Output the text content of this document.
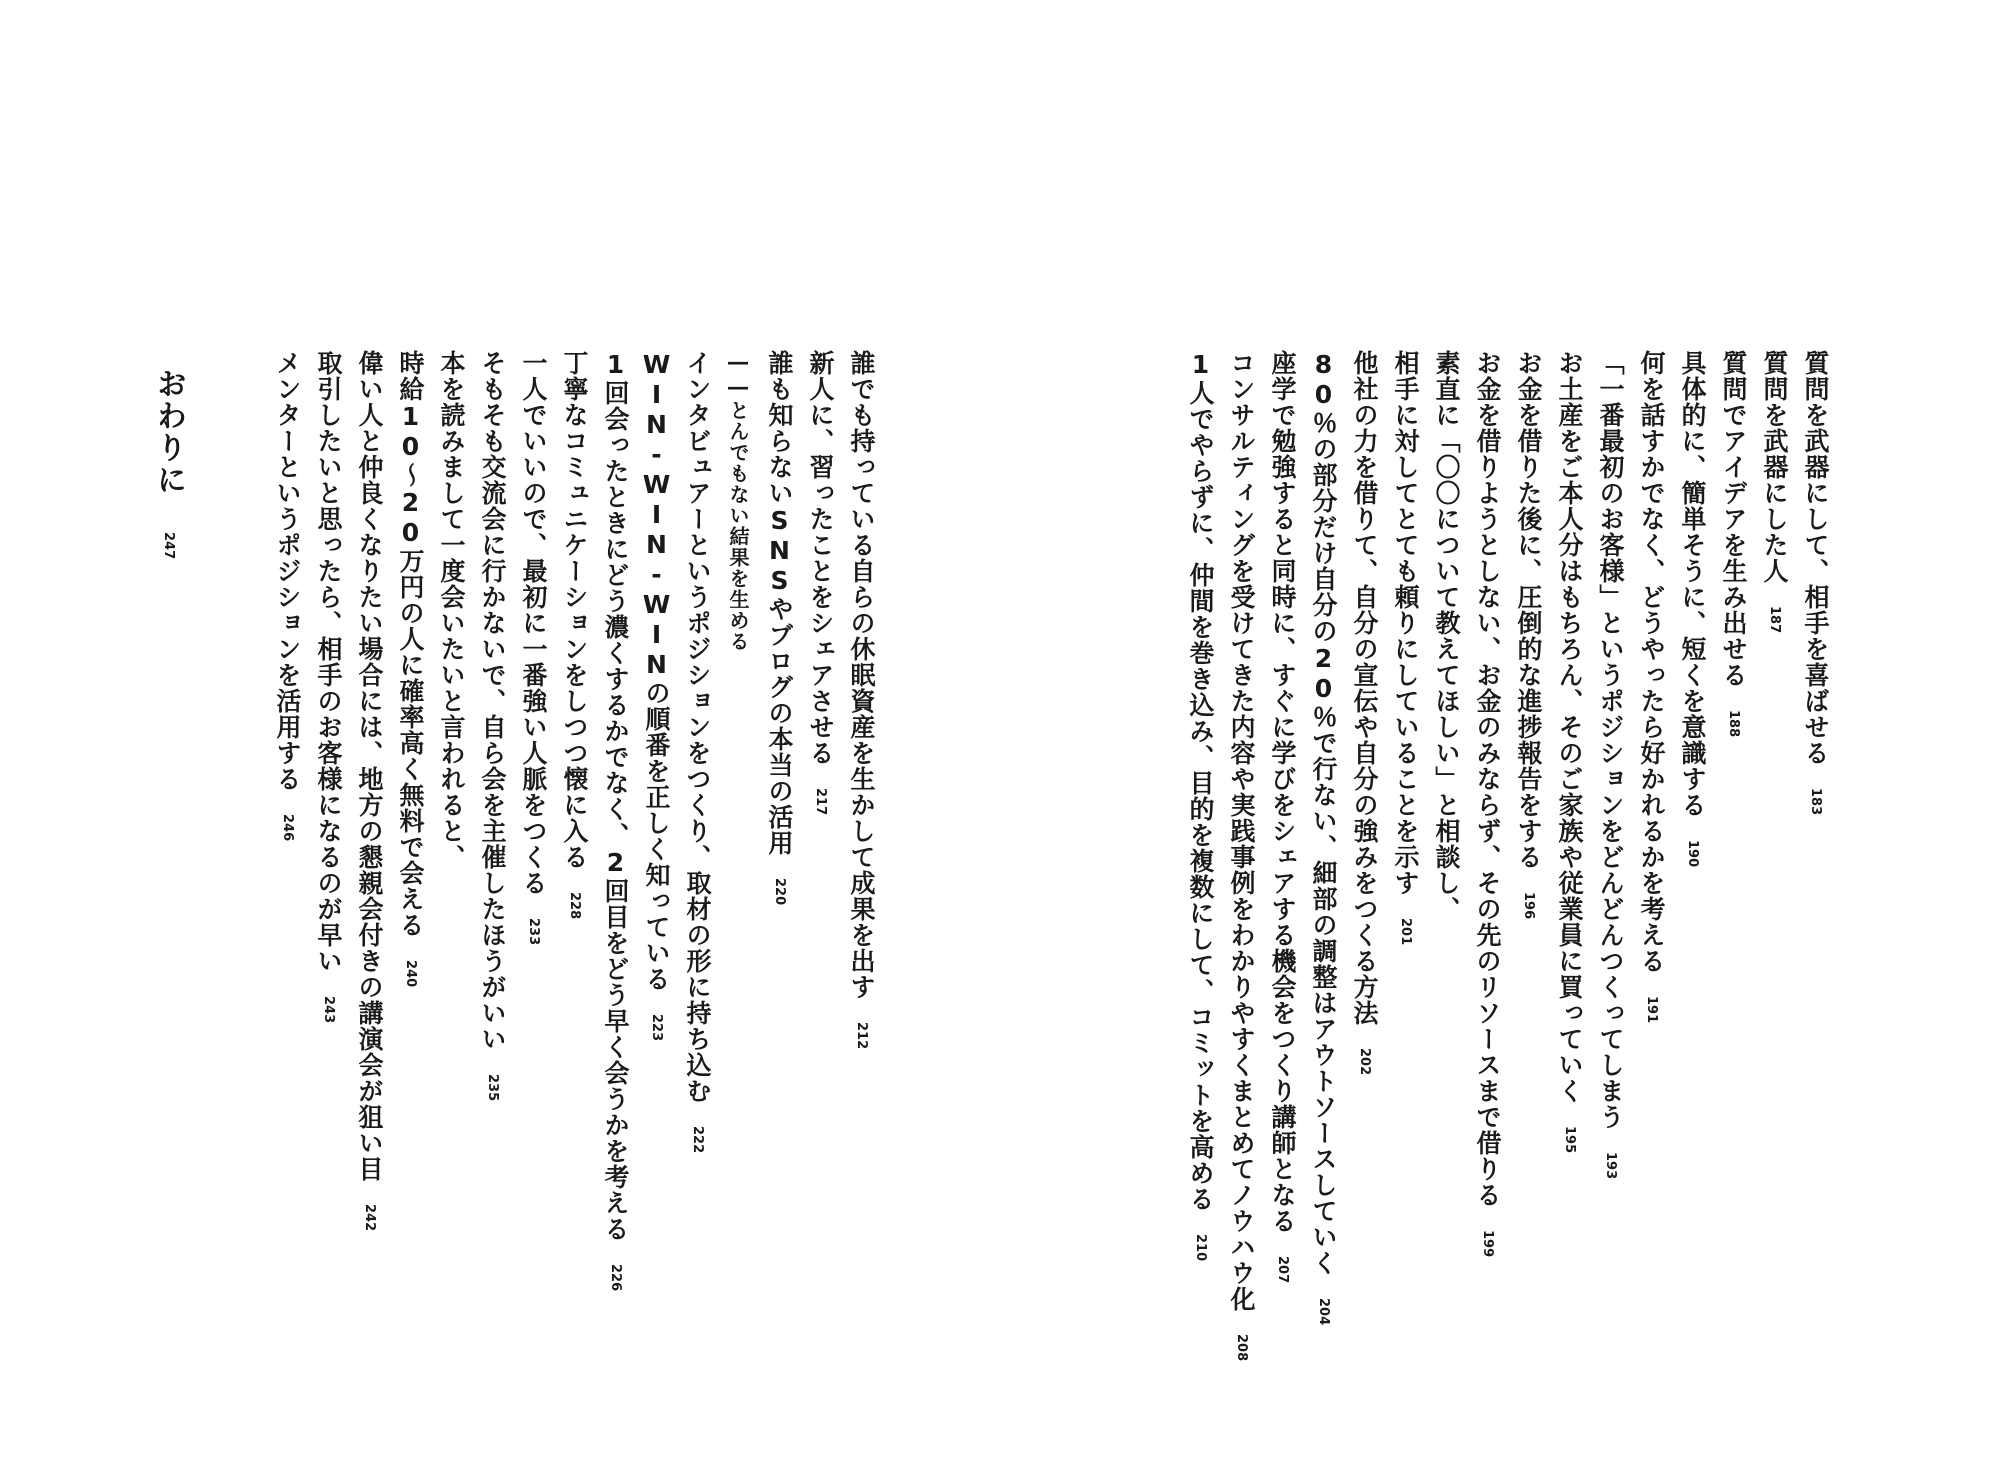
質問を武器にして、相手を喜ばせる183
質問を武器にした人187
質問でアイデアを生み出せる188
具体的に、簡単そうに、短くを意識する190
何を話すかでなく、どうやったら好かれるかを考える191
「一番最初のお客様」というポジションをどんどんつくってしまう193
お土産をご本人分はもちろん、そのご家族や従業員に買っていく195
お金を借りた後に、圧倒的な進捗報告をする196
お金を借りようとしない、お金のみならず、その先のリソースまで借りる199
素直に「〇〇について教えてほしい」と相談し、
相手に対してとても頼りにしていることを示す201
他社の力を借りて、自分の宣伝や自分の強みをつくる方法202
80％の部分だけ自分の20％で行ない、細部の調整はアウトソースしていく204
座学で勉強すると同時に、すぐに学びをシェアする機会をつくり講師となる207
コンサルティングを受けてきた内容や実践事例をわかりやすくまとめてノウハウ化208
1人でやらずに、仲間を巻き込み、目的を複数にして、コミットを高める210
誰でも持っている自らの休眠資産を生かして成果を出す212
新人に、習ったことをシェアさせる217
誰も知らないSNSやブログの本当の活用220
――とんでもない結果を生める
インタビュアーというポジションをつくり、取材の形に持ち込む222
WIN-WIN-WINの順番を正しく知っている223
1回会ったときにどう濃くするかでなく、2回目をどう早く会うかを考える226
丁寧なコミュニケーションをしつつ懐に入る228
一人でいいので、最初に一番強い人脈をつくる233
そもそも交流会に行かないで、自ら会を主催したほうがいい235
本を読みまして一度会いたいと言われると、
時給10～20万円の人に確率高く無料で会える240
偉い人と仲良くなりたい場合には、地方の懇親会付きの講演会が狙い目242
取引したいと思ったら、相手のお客様になるのが早い243
メンターというポジションを活用する246
おわりに247
